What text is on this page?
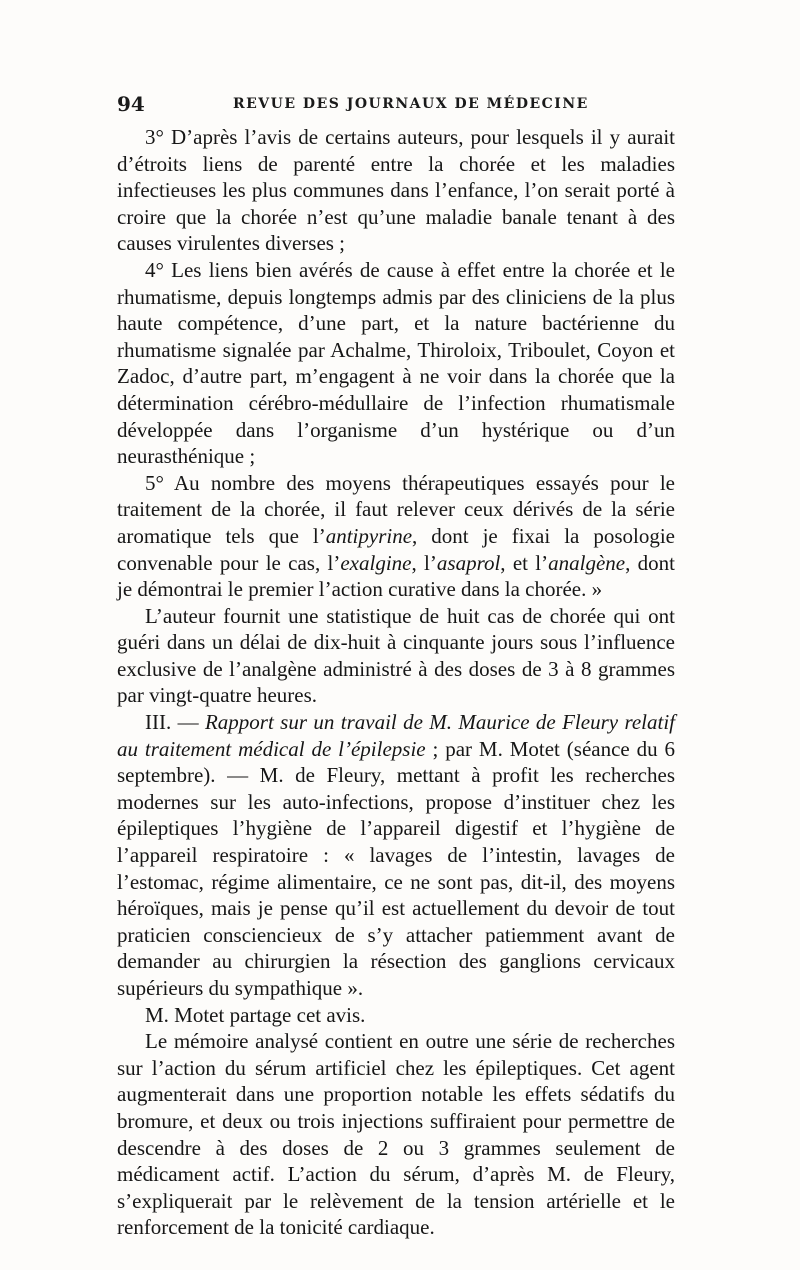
94	REVUE DES JOURNAUX DE MÉDECINE

3° D’après l’avis de certains auteurs, pour lesquels il y aurait d’étroits liens de parenté entre la chorée et les maladies infectieuses les plus communes dans l’enfance, l’on serait porté à croire que la chorée n’est qu’une maladie banale tenant à des causes virulentes diverses ;

4° Les liens bien avérés de cause à effet entre la chorée et le rhumatisme, depuis longtemps admis par des cliniciens de la plus haute compétence, d’une part, et la nature bactérienne du rhumatisme signalée par Achalme, Thiroloix, Triboulet, Coyon et Zadoc, d’autre part, m’engagent à ne voir dans la chorée que la détermination cérébro-médullaire de l’infection rhumatismale développée dans l’organisme d’un hystérique ou d’un neurasthénique ;

5° Au nombre des moyens thérapeutiques essayés pour le traitement de la chorée, il faut relever ceux dérivés de la série aromatique tels que l’antipyrine, dont je fixai la posologie convenable pour le cas, l’exalgine, l’asaprol, et l’analgène, dont je démontrai le premier l’action curative dans la chorée. »

L’auteur fournit une statistique de huit cas de chorée qui ont guéri dans un délai de dix-huit à cinquante jours sous l’influence exclusive de l’analgène administré à des doses de 3 à 8 grammes par vingt-quatre heures.

III. — Rapport sur un travail de M. Maurice de Fleury relatif au traitement médical de l’épilepsie ; par M. Motet (séance du 6 septembre). — M. de Fleury, mettant à profit les recherches modernes sur les auto-infections, propose d’instituer chez les épileptiques l’hygiène de l’appareil digestif et l’hygiène de l’appareil respiratoire : « lavages de l’intestin, lavages de l’estomac, régime alimentaire, ce ne sont pas, dit-il, des moyens héroïques, mais je pense qu’il est actuellement du devoir de tout praticien consciencieux de s’y attacher patiemment avant de demander au chirurgien la résection des ganglions cervicaux supérieurs du sympathique ».

M. Motet partage cet avis.

Le mémoire analysé contient en outre une série de recherches sur l’action du sérum artificiel chez les épileptiques. Cet agent augmenterait dans une proportion notable les effets sédatifs du bromure, et deux ou trois injections suffiraient pour permettre de descendre à des doses de 2 ou 3 grammes seulement de médicament actif. L’action du sérum, d’après M. de Fleury, s’expliquerait par le relèvement de la tension artérielle et le renforcement de la tonicité cardiaque.
